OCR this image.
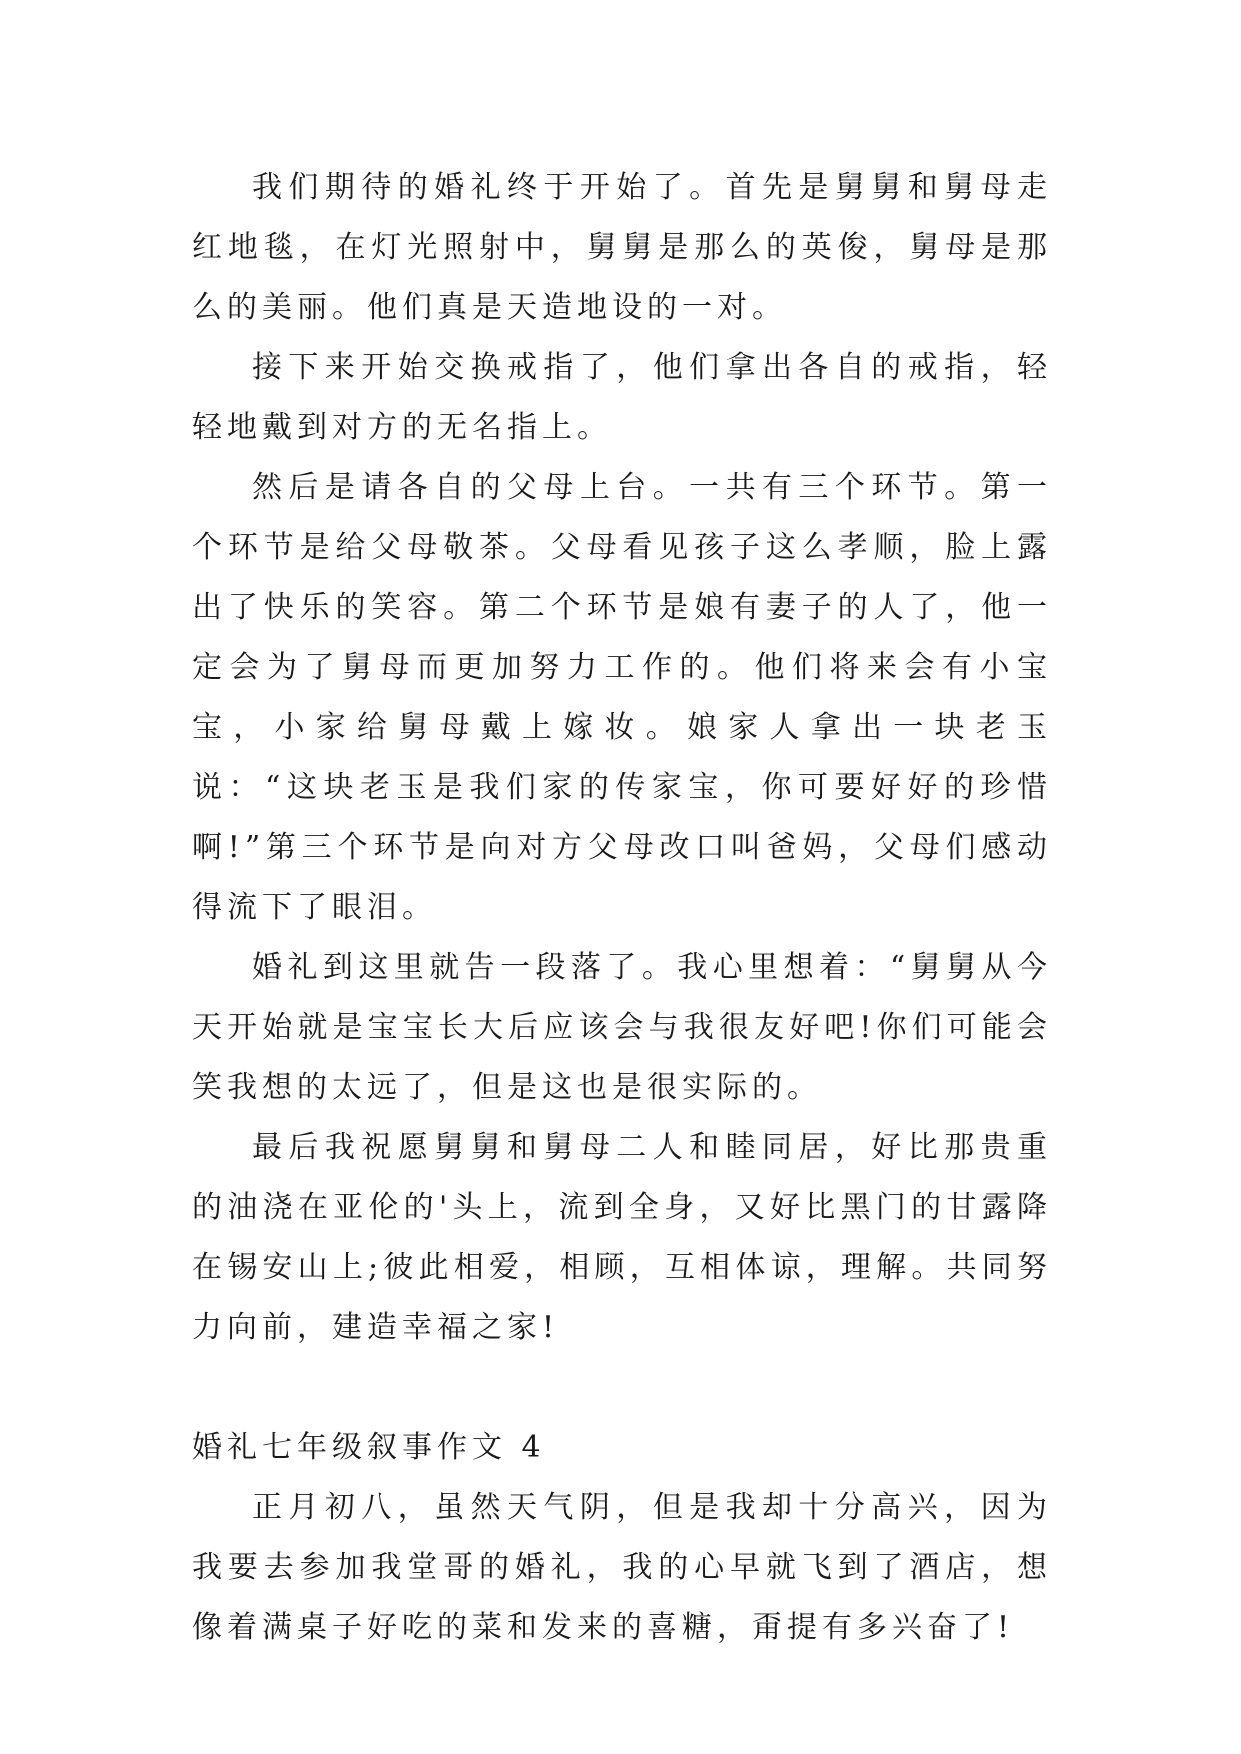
我们期待的婚礼终于开始了。首先是舅舅和舅母走红地毯，在灯光照射中，舅舅是那么的英俊，舅母是那么的美丽。他们真是天造地设的一对。

接下来开始交换戒指了，他们拿出各自的戒指，轻轻地戴到对方的无名指上。

然后是请各自的父母上台。一共有三个环节。第一个环节是给父母敬茶。父母看见孩子这么孝顺，脸上露出了快乐的笑容。第二个环节是娘有妻子的人了，他一定会为了舅母而更加努力工作的。他们将来会有小宝宝，小家给舅母戴上嫁妆。娘家人拿出一块老玉说：“这块老玉是我们家的传家宝，你可要好好的珍惜啊!”第三个环节是向对方父母改口叫爸妈，父母们感动得流下了眼泪。

婚礼到这里就告一段落了。我心里想着：“舅舅从今天开始就是宝宝长大后应该会与我很友好吧!你们可能会笑我想的太远了，但是这也是很实际的。

最后我祝愿舅舅和舅母二人和睦同居，好比那贵重的油浇在亚伦的'头上，流到全身，又好比黑门的甘露降在锡安山上;彼此相爱，相顾，互相体谅，理解。共同努力向前，建造幸福之家!

婚礼七年级叙事作文 4

正月初八，虽然天气阴，但是我却十分高兴，因为我要去参加我堂哥的婚礼，我的心早就飞到了酒店，想像着满桌子好吃的菜和发来的喜糖，甭提有多兴奋了!
